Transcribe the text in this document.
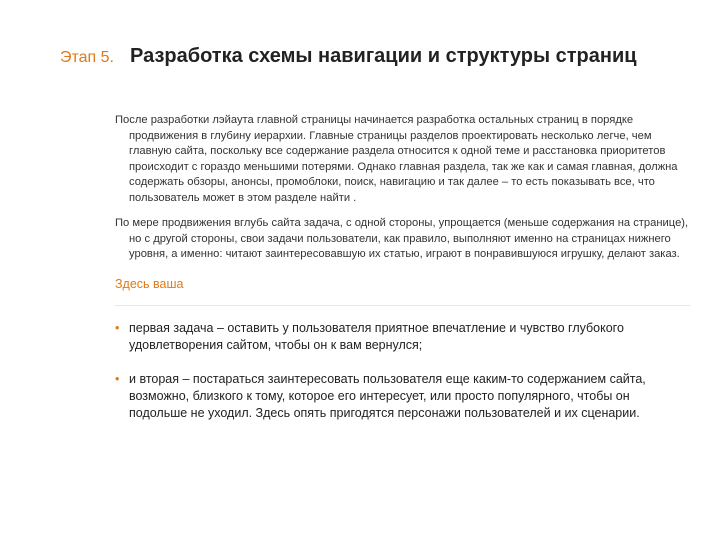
Этап 5. Разработка схемы навигации и структуры страниц

После разработки лэйаута главной страницы начинается разработка остальных страниц в порядке продвижения в глубину иерархии. Главные страницы разделов проектировать несколько легче, чем главную сайта, поскольку все содержание раздела относится к одной теме и расстановка приоритетов происходит с гораздо меньшими потерями. Однако главная раздела, так же как и самая главная, должна содержать обзоры, анонсы, промоблоки, поиск, навигацию и так далее – то есть показывать все, что пользователь может в этом разделе найти .

По мере продвижения вглубь сайта задача, с одной стороны, упрощается (меньше содержания на странице), но с другой стороны, свои задачи пользователи, как правило, выполняют именно на страницах нижнего уровня, а именно: читают заинтересовавшую их статью, играют в понравившуюся игрушку, делают заказ.

Здесь ваша
• первая задача – оставить у пользователя приятное впечатление и чувство глубокого удовлетворения сайтом, чтобы он к вам вернулся;
• и вторая – постараться заинтересовать пользователя еще каким-то содержанием сайта, возможно, близкого к тому, которое его интересует, или просто популярного, чтобы он подольше не уходил. Здесь опять пригодятся персонажи пользователей и их сценарии.
